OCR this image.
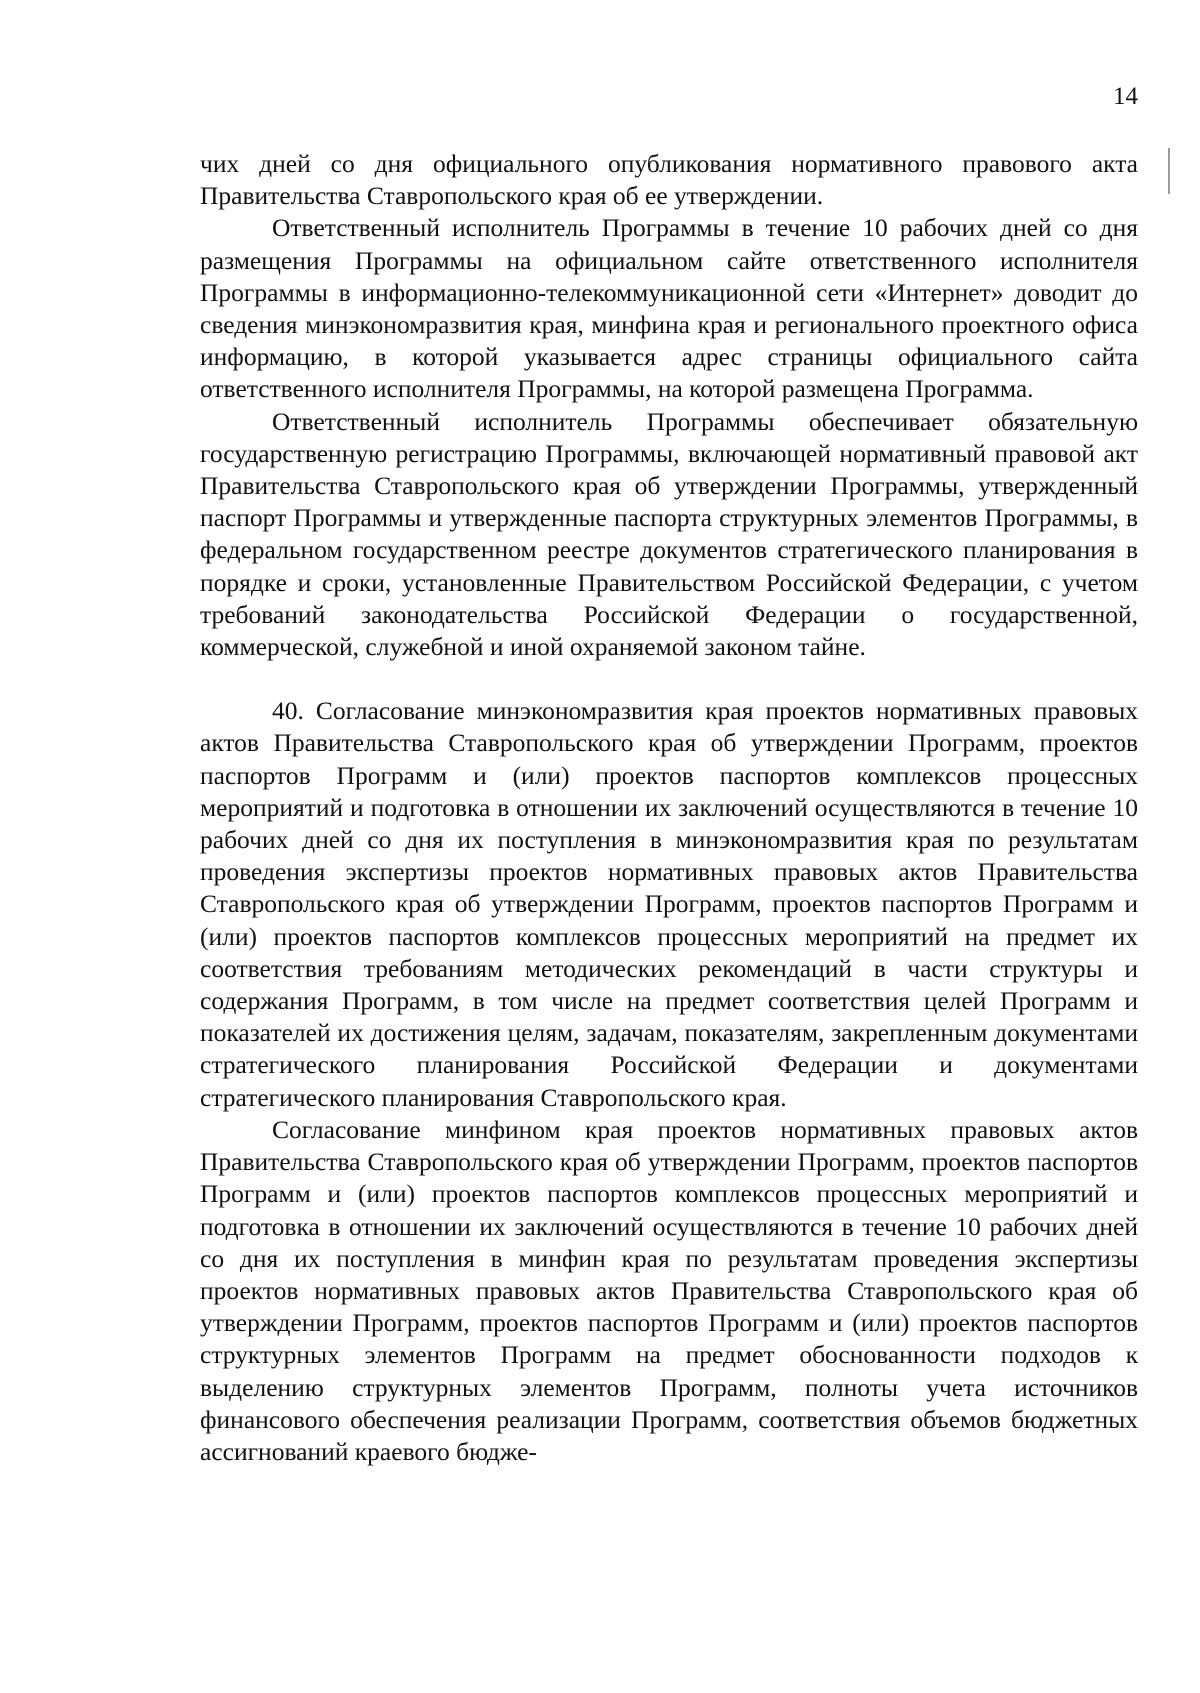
14

чих дней со дня официального опубликования нормативного правового акта Правительства Ставропольского края об ее утверждении.

Ответственный исполнитель Программы в течение 10 рабочих дней со дня размещения Программы на официальном сайте ответственного исполнителя Программы в информационно-телекоммуникационной сети «Интернет» доводит до сведения минэкономразвития края, минфина края и регионального проектного офиса информацию, в которой указывается адрес страницы официального сайта ответственного исполнителя Программы, на которой размещена Программа.

Ответственный исполнитель Программы обеспечивает обязательную государственную регистрацию Программы, включающей нормативный правовой акт Правительства Ставропольского края об утверждении Программы, утвержденный паспорт Программы и утвержденные паспорта структурных элементов Программы, в федеральном государственном реестре документов стратегического планирования в порядке и сроки, установленные Правительством Российской Федерации, с учетом требований законодательства Российской Федерации о государственной, коммерческой, служебной и иной охраняемой законом тайне.

40. Согласование минэкономразвития края проектов нормативных правовых актов Правительства Ставропольского края об утверждении Программ, проектов паспортов Программ и (или) проектов паспортов комплексов процессных мероприятий и подготовка в отношении их заключений осуществляются в течение 10 рабочих дней со дня их поступления в минэкономразвития края по результатам проведения экспертизы проектов нормативных правовых актов Правительства Ставропольского края об утверждении Программ, проектов паспортов Программ и (или) проектов паспортов комплексов процессных мероприятий на предмет их соответствия требованиям методических рекомендаций в части структуры и содержания Программ, в том числе на предмет соответствия целей Программ и показателей их достижения целям, задачам, показателям, закрепленным документами стратегического планирования Российской Федерации и документами стратегического планирования Ставропольского края.

Согласование минфином края проектов нормативных правовых актов Правительства Ставропольского края об утверждении Программ, проектов паспортов Программ и (или) проектов паспортов комплексов процессных мероприятий и подготовка в отношении их заключений осуществляются в течение 10 рабочих дней со дня их поступления в минфин края по результатам проведения экспертизы проектов нормативных правовых актов Правительства Ставропольского края об утверждении Программ, проектов паспортов Программ и (или) проектов паспортов структурных элементов Программ на предмет обоснованности подходов к выделению структурных элементов Программ, полноты учета источников финансового обеспечения реализации Программ, соответствия объемов бюджетных ассигнований краевого бюдже-
